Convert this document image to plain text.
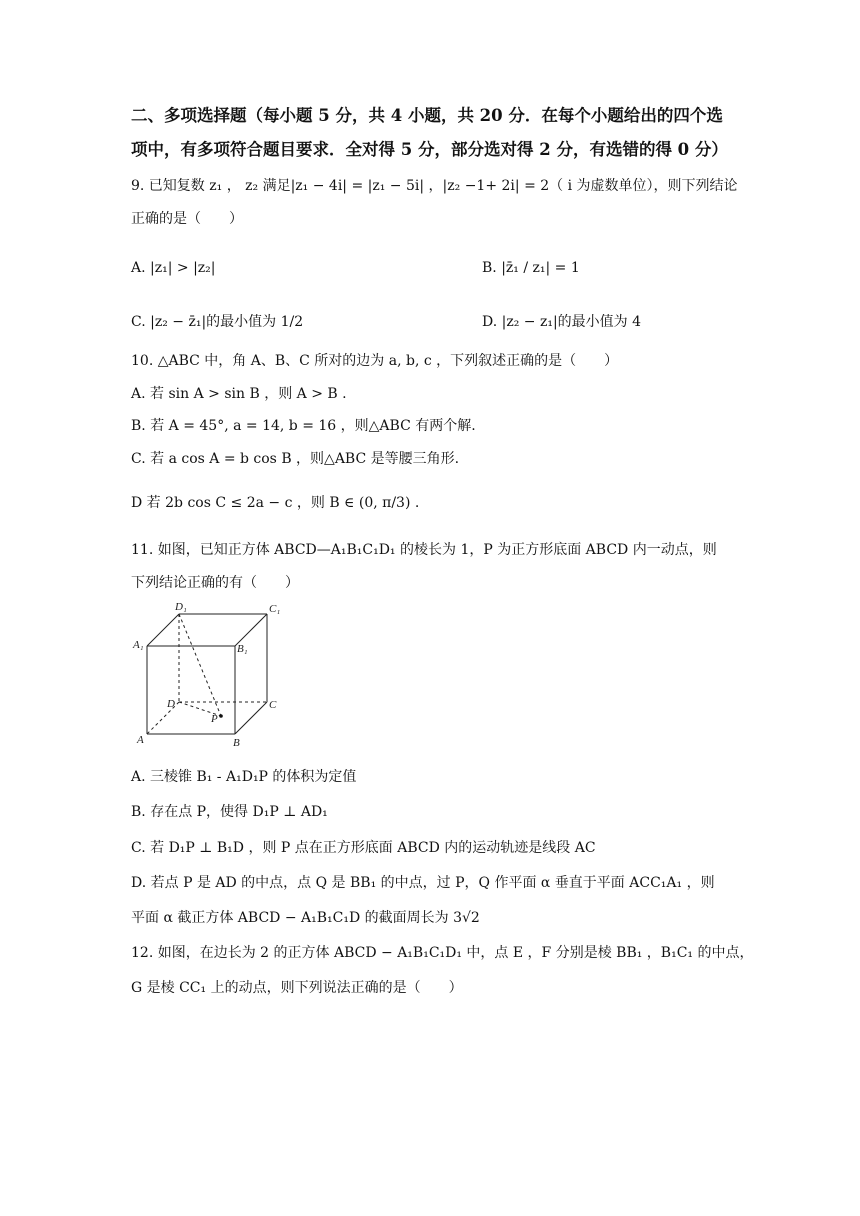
二、多项选择题（每小题 5 分，共 4 小题，共 20 分．在每个小题给出的四个选
项中，有多项符合题目要求．全对得 5 分，部分选对得 2 分，有选错的得 0 分）
9. 已知复数 z₁ ， z₂ 满足|z₁ − 4i| = |z₁ − 5i| ，|z₂ −1+ 2i| = 2（ i 为虚数单位），则下列结论
正确的是（　　）
A. |z₁| > |z₂|	B. |z̄₁ / z₁| = 1
C. |z₂ − z̄₁|的最小值为 1/2	D. |z₂ − z₁|的最小值为 4
10. △ABC 中，角 A、B、C 所对的边为 a, b, c ，下列叙述正确的是（　　）
A. 若 sin A > sin B ，则 A > B .
B. 若 A = 45°, a = 14, b = 16 ，则△ABC 有两个解.
C. 若 a cos A = b cos B ，则△ABC 是等腰三角形.
D 若 2b cos C ≤ 2a − c ，则 B ∈ (0, π/3) .
11. 如图，已知正方体 ABCD—A₁B₁C₁D₁ 的棱长为 1，P 为正方形底面 ABCD 内一动点，则
下列结论正确的有（　　）
D₁	C₁
A₁	B₁
D	C
P
A	B
A. 三棱锥 B₁ - A₁D₁P 的体积为定值
B. 存在点 P，使得 D₁P ⊥ AD₁
C. 若 D₁P ⊥ B₁D ，则 P 点在正方形底面 ABCD 内的运动轨迹是线段 AC
D. 若点 P 是 AD 的中点，点 Q 是 BB₁ 的中点，过 P，Q 作平面 α 垂直于平面 ACC₁A₁ ，则
平面 α 截正方体 ABCD − A₁B₁C₁D 的截面周长为 3√2
12. 如图，在边长为 2 的正方体 ABCD − A₁B₁C₁D₁ 中，点 E ，F 分别是棱 BB₁ ，B₁C₁ 的中点，
G 是棱 CC₁ 上的动点，则下列说法正确的是（　　）
